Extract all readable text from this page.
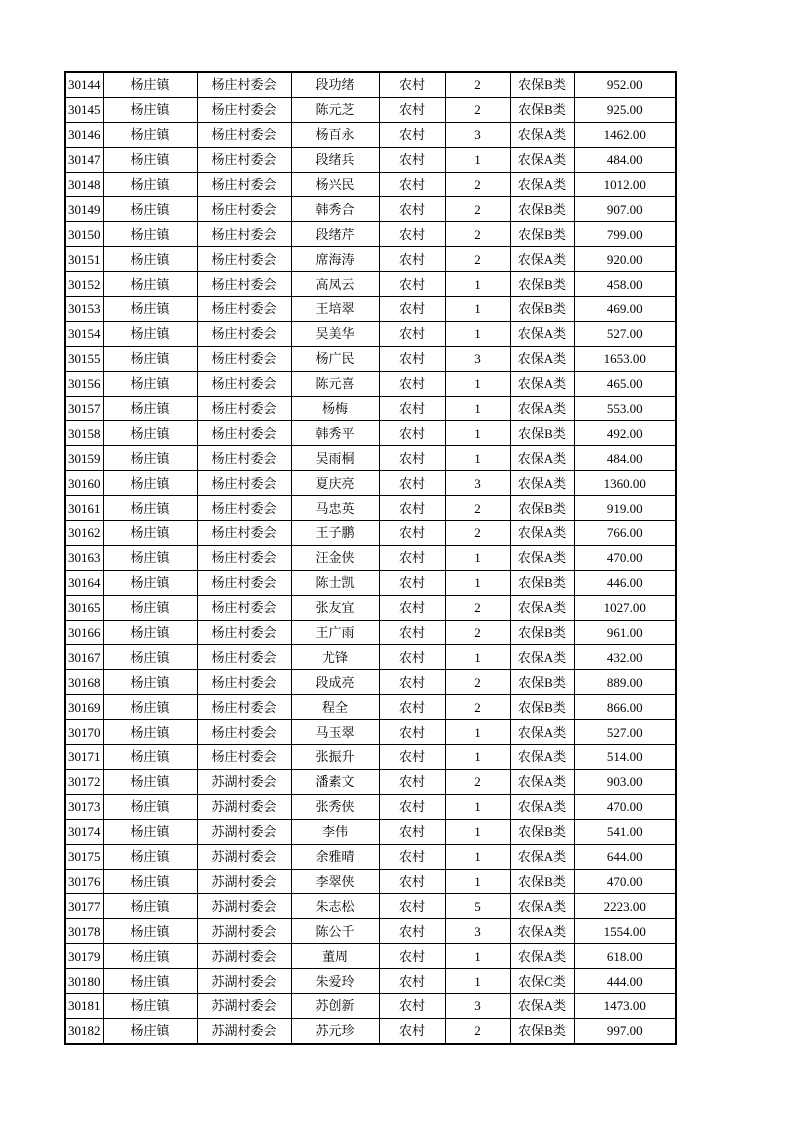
30144	杨庄镇	杨庄村委会	段功绪	农村	2	农保B类	952.00
30145	杨庄镇	杨庄村委会	陈元芝	农村	2	农保B类	925.00
30146	杨庄镇	杨庄村委会	杨百永	农村	3	农保A类	1462.00
30147	杨庄镇	杨庄村委会	段绪兵	农村	1	农保A类	484.00
30148	杨庄镇	杨庄村委会	杨兴民	农村	2	农保A类	1012.00
30149	杨庄镇	杨庄村委会	韩秀合	农村	2	农保B类	907.00
30150	杨庄镇	杨庄村委会	段绪芹	农村	2	农保B类	799.00
30151	杨庄镇	杨庄村委会	席海涛	农村	2	农保A类	920.00
30152	杨庄镇	杨庄村委会	高凤云	农村	1	农保B类	458.00
30153	杨庄镇	杨庄村委会	王培翠	农村	1	农保B类	469.00
30154	杨庄镇	杨庄村委会	吴美华	农村	1	农保A类	527.00
30155	杨庄镇	杨庄村委会	杨广民	农村	3	农保A类	1653.00
30156	杨庄镇	杨庄村委会	陈元喜	农村	1	农保A类	465.00
30157	杨庄镇	杨庄村委会	杨梅	农村	1	农保A类	553.00
30158	杨庄镇	杨庄村委会	韩秀平	农村	1	农保B类	492.00
30159	杨庄镇	杨庄村委会	吴雨桐	农村	1	农保A类	484.00
30160	杨庄镇	杨庄村委会	夏庆亮	农村	3	农保A类	1360.00
30161	杨庄镇	杨庄村委会	马忠英	农村	2	农保B类	919.00
30162	杨庄镇	杨庄村委会	王子鹏	农村	2	农保A类	766.00
30163	杨庄镇	杨庄村委会	汪金侠	农村	1	农保A类	470.00
30164	杨庄镇	杨庄村委会	陈士凯	农村	1	农保B类	446.00
30165	杨庄镇	杨庄村委会	张友宜	农村	2	农保A类	1027.00
30166	杨庄镇	杨庄村委会	王广雨	农村	2	农保B类	961.00
30167	杨庄镇	杨庄村委会	尤锋	农村	1	农保A类	432.00
30168	杨庄镇	杨庄村委会	段成亮	农村	2	农保B类	889.00
30169	杨庄镇	杨庄村委会	程全	农村	2	农保B类	866.00
30170	杨庄镇	杨庄村委会	马玉翠	农村	1	农保A类	527.00
30171	杨庄镇	杨庄村委会	张振升	农村	1	农保A类	514.00
30172	杨庄镇	苏湖村委会	潘素文	农村	2	农保A类	903.00
30173	杨庄镇	苏湖村委会	张秀侠	农村	1	农保A类	470.00
30174	杨庄镇	苏湖村委会	李伟	农村	1	农保B类	541.00
30175	杨庄镇	苏湖村委会	余雅晴	农村	1	农保A类	644.00
30176	杨庄镇	苏湖村委会	李翠侠	农村	1	农保B类	470.00
30177	杨庄镇	苏湖村委会	朱志松	农村	5	农保A类	2223.00
30178	杨庄镇	苏湖村委会	陈公千	农村	3	农保A类	1554.00
30179	杨庄镇	苏湖村委会	董周	农村	1	农保A类	618.00
30180	杨庄镇	苏湖村委会	朱爱玲	农村	1	农保C类	444.00
30181	杨庄镇	苏湖村委会	苏创新	农村	3	农保A类	1473.00
30182	杨庄镇	苏湖村委会	苏元珍	农村	2	农保B类	997.00
